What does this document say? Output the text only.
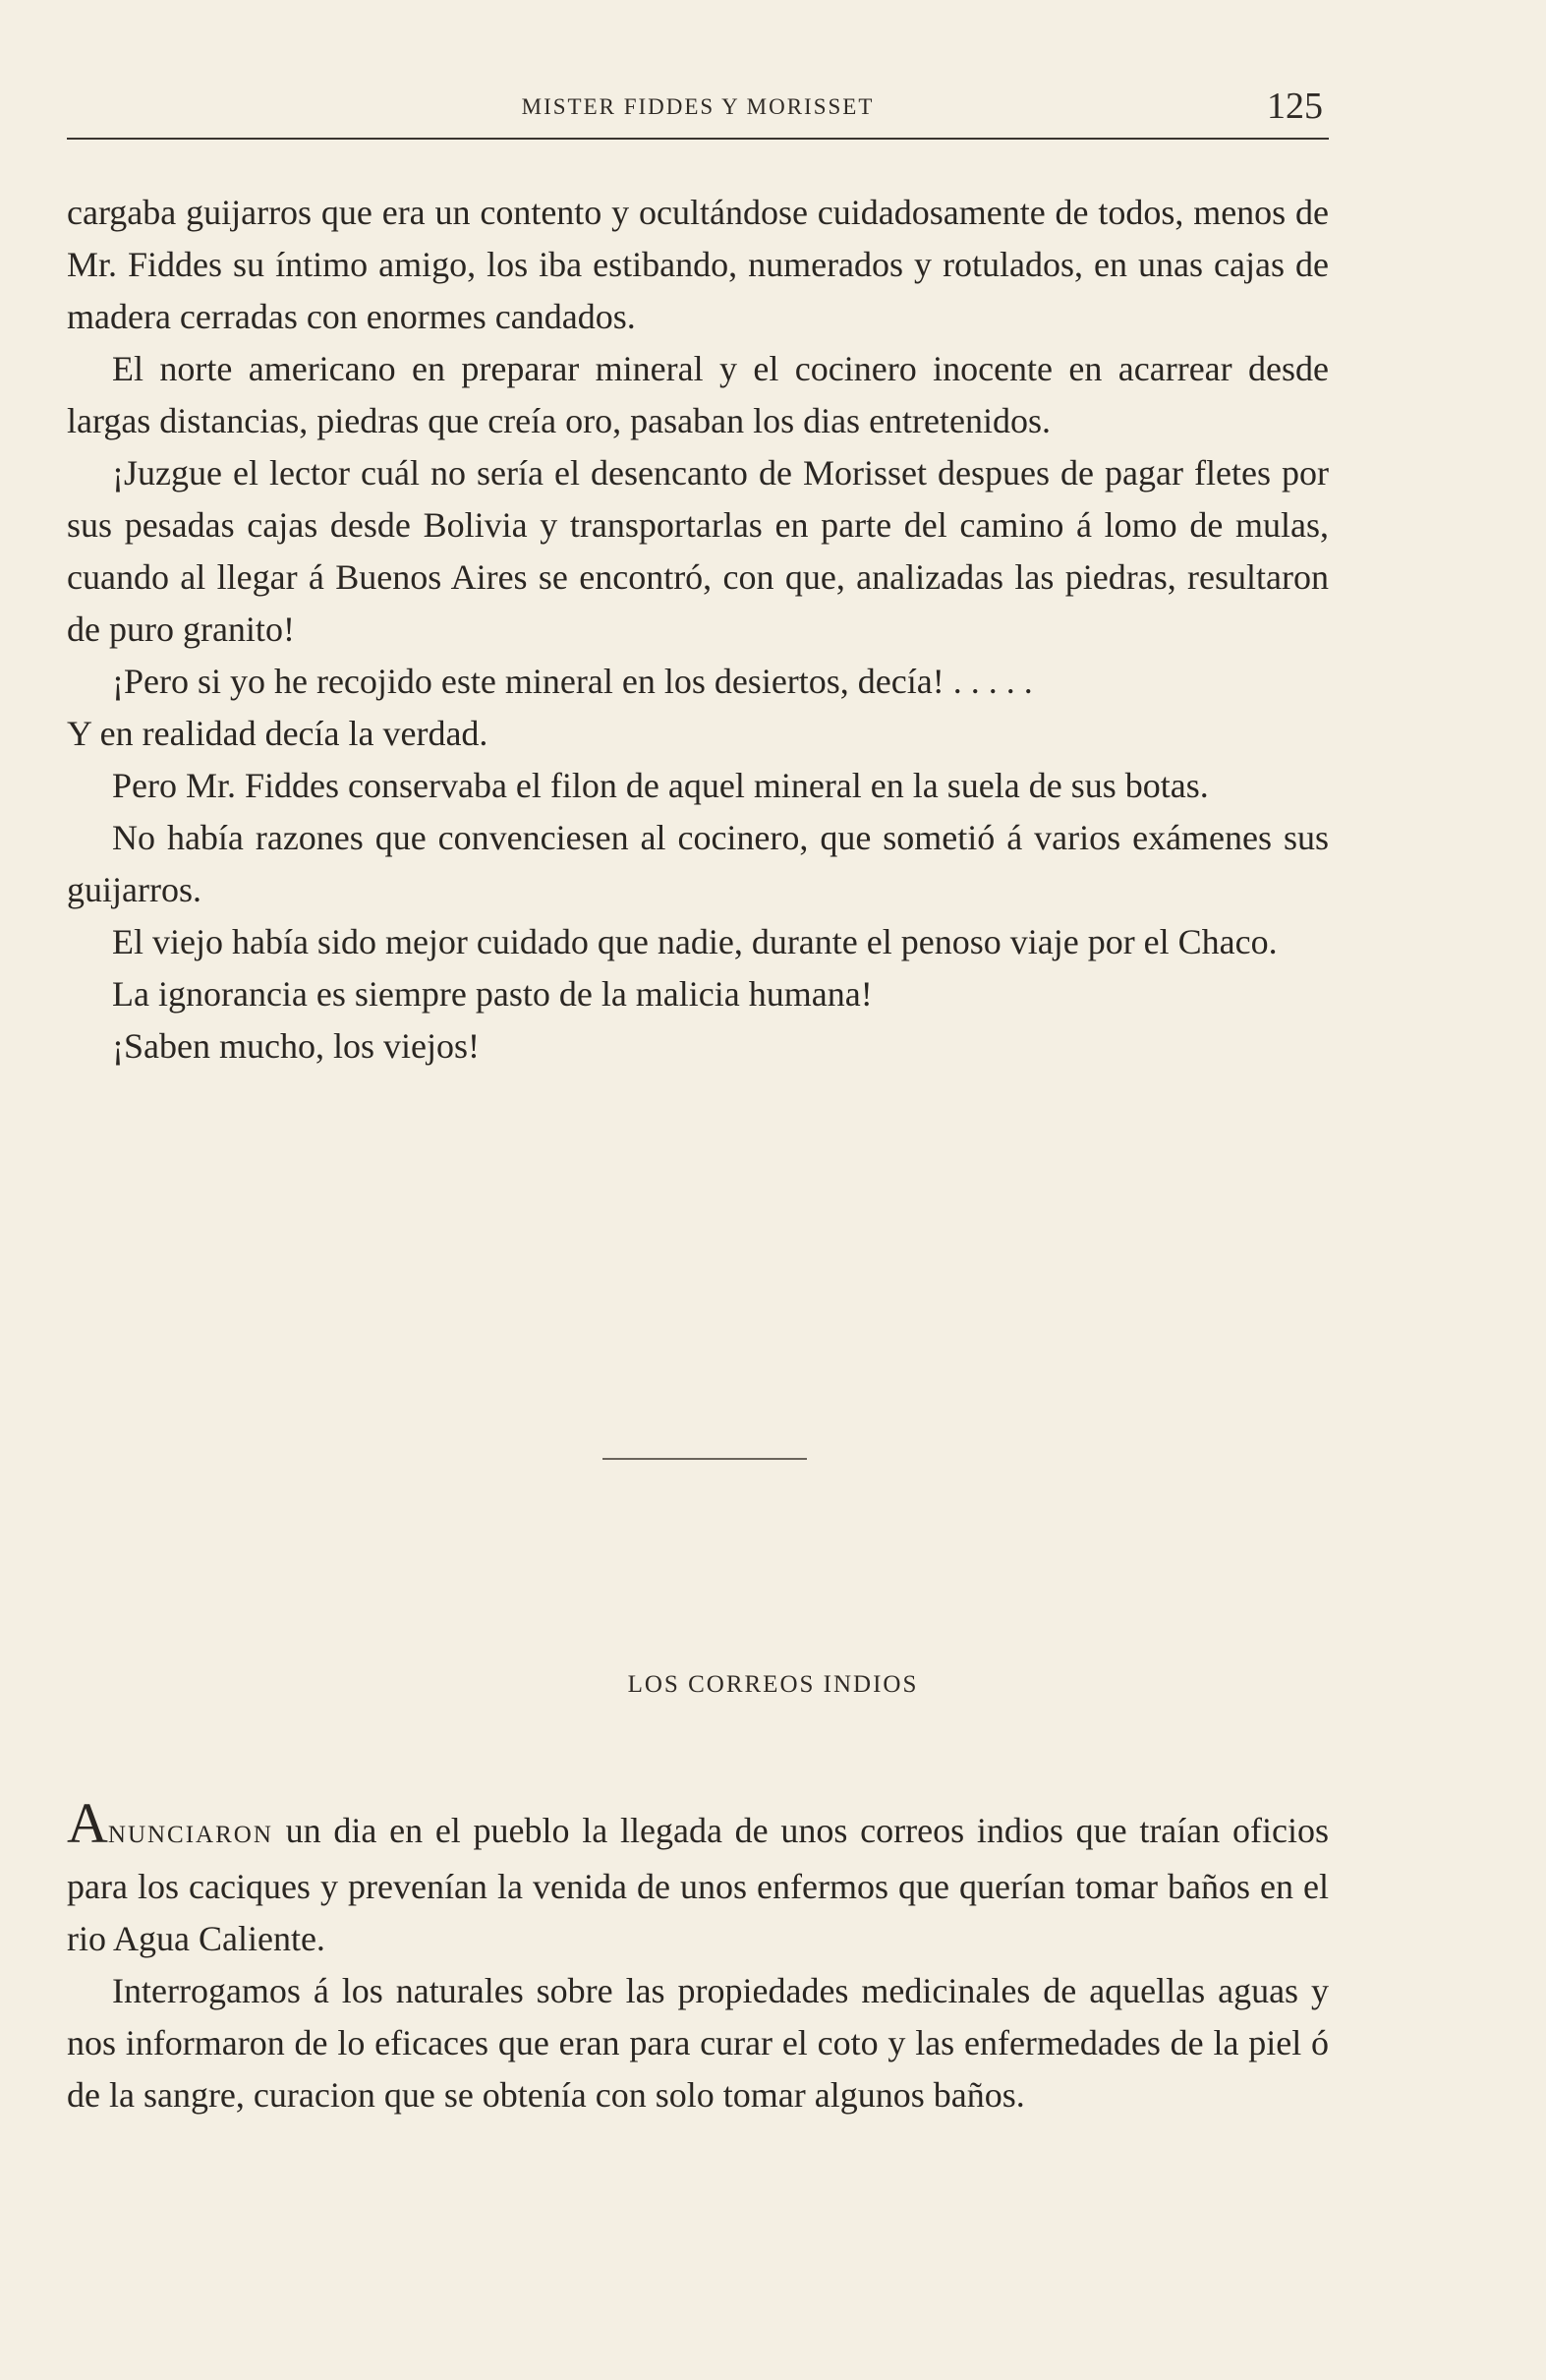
MISTER FIDDES Y MORISSET	125

cargaba guijarros que era un contento y ocultándose cuidadosamente de todos, menos de Mr. Fiddes su íntimo amigo, los iba estibando, numerados y rotulados, en unas cajas de madera cerradas con enormes candados.

El norte americano en preparar mineral y el cocinero inocente en acarrear desde largas distancias, piedras que creía oro, pasaban los dias entretenidos.

¡Juzgue el lector cuál no sería el desencanto de Morisset despues de pagar fletes por sus pesadas cajas desde Bolivia y transportarlas en parte del camino á lomo de mulas, cuando al llegar á Buenos Aires se encontró, con que, analizadas las piedras, resultaron de puro granito!

¡Pero si yo he recojido este mineral en los desiertos, decía! . . . . .

Y en realidad decía la verdad.

Pero Mr. Fiddes conservaba el filon de aquel mineral en la suela de sus botas.

No había razones que convenciesen al cocinero, que sometió á varios exámenes sus guijarros.

El viejo había sido mejor cuidado que nadie, durante el penoso viaje por el Chaco.

La ignorancia es siempre pasto de la malicia humana!

¡Saben mucho, los viejos!

LOS CORREOS INDIOS

ANUNCIARON un dia en el pueblo la llegada de unos correos indios que traían oficios para los caciques y prevenían la venida de unos enfermos que querían tomar baños en el rio Agua Caliente.

Interrogamos á los naturales sobre las propiedades medicinales de aquellas aguas y nos informaron de lo eficaces que eran para curar el coto y las enfermedades de la piel ó de la sangre, curacion que se obtenía con solo tomar algunos baños.
